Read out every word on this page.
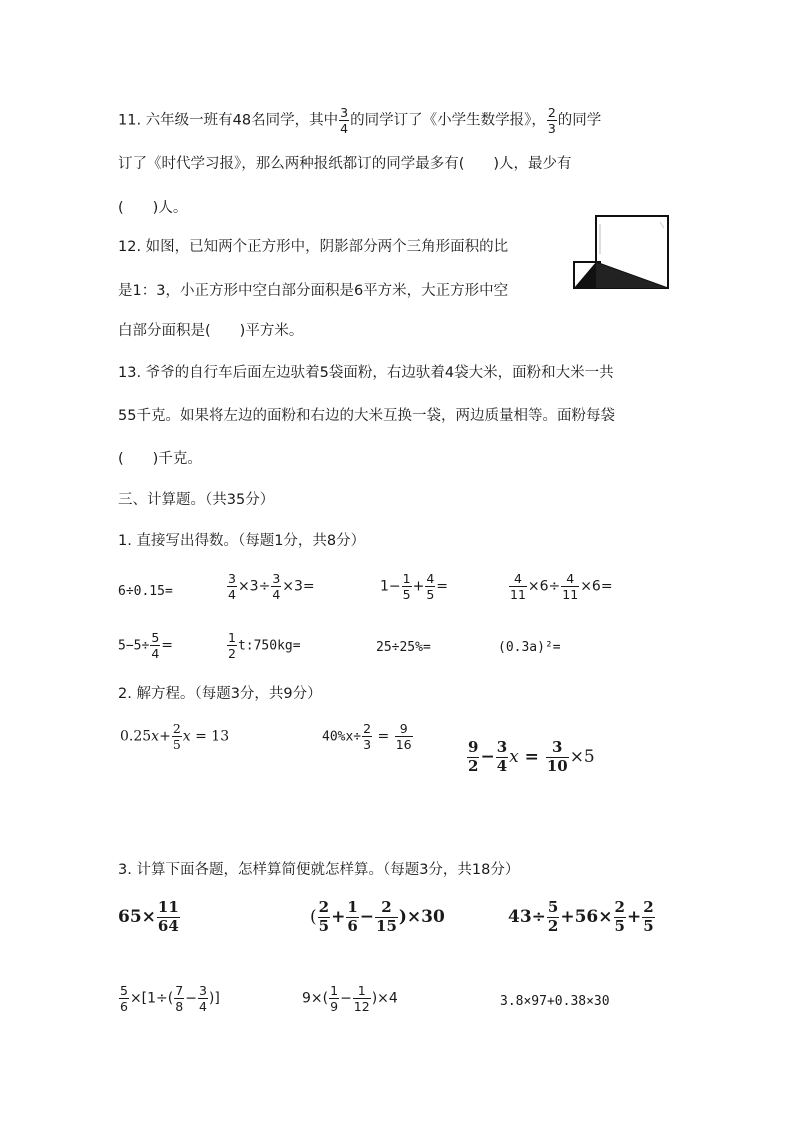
11. 六年级一班有48名同学，其中 $\frac{3}{4}$ 的同学订了《小学生数学报》， $\frac{2}{3}$ 的同学
订了《时代学习报》，那么两种报纸都订的同学最多有(　　)人，最少有
(　　)人。
12. 如图，已知两个正方形中，阴影部分两个三角形面积的比
是1：3，小正方形中空白部分面积是6平方米，大正方形中空
白部分面积是(　　)平方米。
13. 爷爷的自行车后面左边驮着5袋面粉，右边驮着4袋大米，面粉和大米一共
55千克。如果将左边的面粉和右边的大米互换一袋，两边质量相等。面粉每袋
(　　)千克。
三、计算题。（共35分）
1. 直接写出得数。（每题1分，共8分）
6÷0.15=	$\frac{3}{4} \times 3\div \frac{3}{4} \times 3=$	$1- \frac{1}{5} + \frac{4}{5}$ =	$\frac{4}{11} \times 6\div \frac{4}{11} \times 6=$
$5-5\div \frac{5}{4}$ =	$\frac{1}{2}$ t:750kg=	25÷25%=	(0.3a)²=
2. 解方程。（每题3分，共9分）
$0.25x+ \frac{2}{5}$ x = 13	$40\%x\div \frac{2}{3} = \frac{9}{16}$
$\frac{9}{2} - \frac{3}{4}$ $x = \frac{3}{10} \times 5$
3. 计算下面各题，怎样算简便就怎样算。（每题3分，共18分）
$65\times \frac{11}{64}$	( $\frac{2}{5} + \frac{1}{6} - \frac{2}{15} )\times 30$	$43\div \frac{5}{2} +56\times \frac{2}{5} + \frac{2}{5}$
$\frac{5}{6} \times[1\div( \frac{7}{8} - \frac{3}{4}$ )]	$9\times( \frac{1}{9} - \frac{1}{12} )\times 4$	3.8×97+0.38×30
